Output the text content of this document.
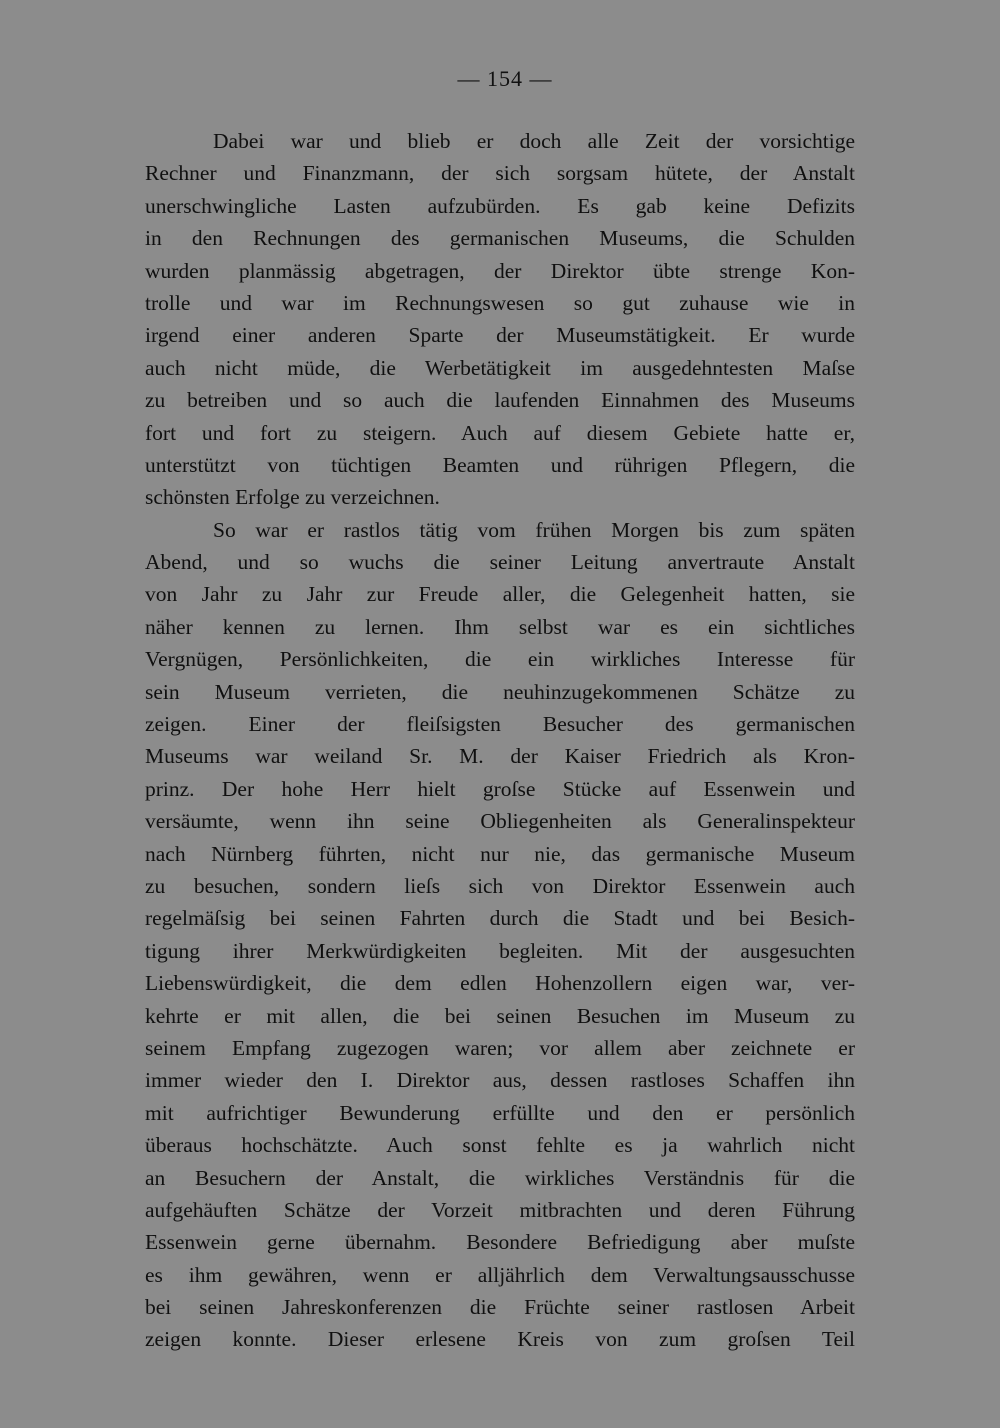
— 154 —
Dabei war und blieb er doch alle Zeit der vorsichtige
Rechner und Finanzmann, der sich sorgsam hütete, der Anstalt
unerschwingliche Lasten aufzubürden. Es gab keine Defizits
in den Rechnungen des germanischen Museums, die Schulden
wurden planmässig abgetragen, der Direktor übte strenge Kon-
trolle und war im Rechnungswesen so gut zuhause wie in
irgend einer anderen Sparte der Museumstätigkeit. Er wurde
auch nicht müde, die Werbetätigkeit im ausgedehntesten Maſse
zu betreiben und so auch die laufenden Einnahmen des Museums
fort und fort zu steigern. Auch auf diesem Gebiete hatte er,
unterstützt von tüchtigen Beamten und rührigen Pflegern, die
schönsten Erfolge zu verzeichnen.
So war er rastlos tätig vom frühen Morgen bis zum späten
Abend, und so wuchs die seiner Leitung anvertraute Anstalt
von Jahr zu Jahr zur Freude aller, die Gelegenheit hatten, sie
näher kennen zu lernen. Ihm selbst war es ein sichtliches
Vergnügen, Persönlichkeiten, die ein wirkliches Interesse für
sein Museum verrieten, die neuhinzugekommenen Schätze zu
zeigen. Einer der fleiſsigsten Besucher des germanischen
Museums war weiland Sr. M. der Kaiser Friedrich als Kron-
prinz. Der hohe Herr hielt groſse Stücke auf Essenwein und
versäumte, wenn ihn seine Obliegenheiten als Generalinspekteur
nach Nürnberg führten, nicht nur nie, das germanische Museum
zu besuchen, sondern lieſs sich von Direktor Essenwein auch
regelmäſsig bei seinen Fahrten durch die Stadt und bei Besich-
tigung ihrer Merkwürdigkeiten begleiten. Mit der ausgesuchten
Liebenswürdigkeit, die dem edlen Hohenzollern eigen war, ver-
kehrte er mit allen, die bei seinen Besuchen im Museum zu
seinem Empfang zugezogen waren; vor allem aber zeichnete er
immer wieder den I. Direktor aus, dessen rastloses Schaffen ihn
mit aufrichtiger Bewunderung erfüllte und den er persönlich
überaus hochschätzte. Auch sonst fehlte es ja wahrlich nicht
an Besuchern der Anstalt, die wirkliches Verständnis für die
aufgehäuften Schätze der Vorzeit mitbrachten und deren Führung
Essenwein gerne übernahm. Besondere Befriedigung aber muſste
es ihm gewähren, wenn er alljährlich dem Verwaltungsausschusse
bei seinen Jahreskonferenzen die Früchte seiner rastlosen Arbeit
zeigen konnte. Dieser erlesene Kreis von zum groſsen Teil
